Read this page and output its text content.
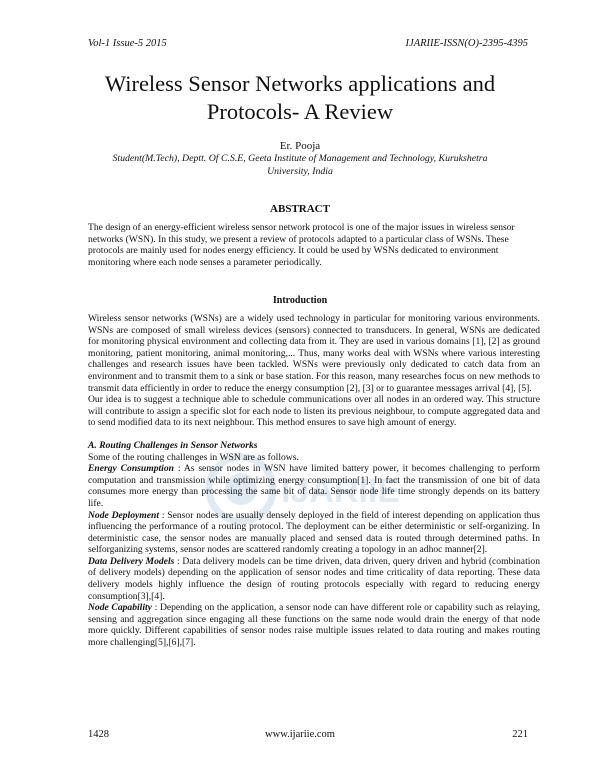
Vol-1 Issue-5 2015	IJARIIE-ISSN(O)-2395-4395
Wireless Sensor Networks applications and
Protocols- A Review
Er. Pooja
Student(M.Tech), Deptt. Of C.S.E, Geeta Institute of Management and Technology, Kurukshetra
University, India
ABSTRACT
The design of an energy-efficient wireless sensor network protocol is one of the major issues in wireless sensor networks (WSN). In this study, we present a review of protocols adapted to a particular class of WSNs. These protocols are mainly used for nodes energy efficiency. It could be used by WSNs dedicated to environment monitoring where each node senses a parameter periodically.
IJARIIE
Introduction

Wireless sensor networks (WSNs) are a widely used technology in particular for monitoring various environments. WSNs are composed of small wireless devices (sensors) connected to transducers. In general, WSNs are dedicated for monitoring physical environment and collecting data from it. They are used in various domains [1], [2] as ground monitoring, patient monitoring, animal monitoring,... Thus, many works deal with WSNs where various interesting challenges and research issues have been tackled. WSNs were previously only dedicated to catch data from an environment and to transmit them to a sink or base station. For this reason, many researches focus on new methods to transmit data efficiently in order to reduce the energy consumption [2], [3] or to guarantee messages arrival [4], [5].

Our idea is to suggest a technique able to schedule communications over all nodes in an ordered way. This structure will contribute to assign a specific slot for each node to listen its previous neighbour, to compute aggregated data and to send modified data to its next neighbour. This method ensures to save high amount of energy.

A. Routing Challenges in Sensor Networks

Some of the routing challenges in WSN are as follows.

Energy Consumption : As sensor nodes in WSN have limited battery power, it becomes challenging to perform computation and transmission while optimizing energy consumption[1]. In fact the transmission of one bit of data consumes more energy than processing the same bit of data. Sensor node life time strongly depends on its battery life.

Node Deployment : Sensor nodes are usually densely deployed in the field of interest depending on application thus influencing the performance of a routing protocol. The deployment can be either deterministic or self-organizing. In deterministic case, the sensor nodes are manually placed and sensed data is routed through determined paths. In selforganizing systems, sensor nodes are scattered randomly creating a topology in an adhoc manner[2].

Data Delivery Models : Data delivery models can be time driven, data driven, query driven and hybrid (combination of delivery models) depending on the application of sensor nodes and time criticality of data reporting. These data delivery models highly influence the design of routing protocols especially with regard to reducing energy consumption[3],[4].

Node Capability : Depending on the application, a sensor node can have different role or capability such as relaying, sensing and aggregation since engaging all these functions on the same node would drain the energy of that node more quickly. Different capabilities of sensor nodes raise multiple issues related to data routing and makes routing more challenging[5],[6],[7].

1428	www.ijariie.com	221
